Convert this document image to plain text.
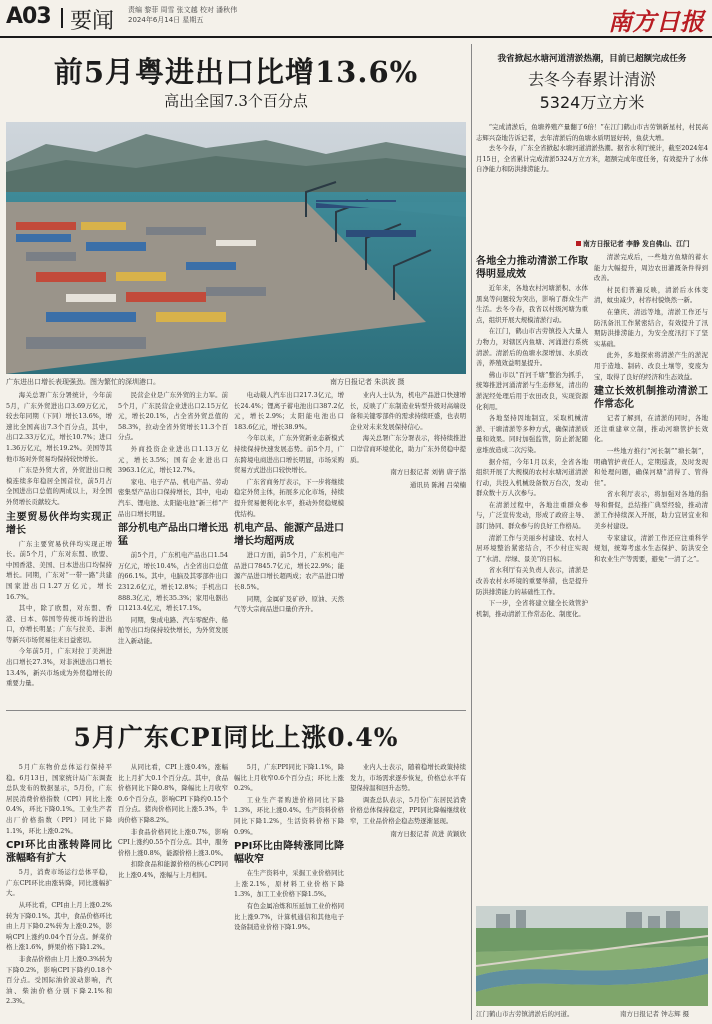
A03 要闻 责编 黎菲 周雪 张文越 校对 潘秋伟
2024年6月14日 星期五	南方日报
前5月粤进出口比增13.6%
高出全国7.3个百分点
广东进出口增长表现强劲。图为繁忙的深圳港口。	南方日报记者 朱洪波 摄

海关总署广东分署统计，今年前5月，广东外贸进出口3.69万亿元，较去年同期（下同）增长13.6%，增速比全国高出7.3个百分点，其中，出口2.33万亿元，增长10.7%；进口1.36万亿元，增长19.2%。美国等其他市场对外贸易均保持较快增长。

广东是外贸大省，外贸进出口规模连续多年稳居全国首位，前5月占全国进出口总值的两成以上，对全国外贸增长贡献较大。

主要贸易伙伴均实现正增长

广东主要贸易伙伴均实现正增长。前5个月，广东对东盟、欧盟、中国香港、美国、日本进出口均保持增长。同期，广东对“一带一路”共建国家进出口1.27万亿元，增长16.7%。

其中，除了欧盟，对东盟、香港、日本、韩国等传统市场的进出口，亦增长明显；广东与拉美、非洲等新兴市场贸易往来日益密切。

今年前5月，广东对拉丁美洲进出口增长27.3%，对非洲进出口增长13.4%，新兴市场成为外贸稳增长的重要力量。

民营企业是广东外贸的主力军。前5个月，广东民营企业进出口2.15万亿元，增长20.1%，占全省外贸总值的58.3%，拉动全省外贸增长11.3个百分点。

外商投资企业进出口1.13万亿元，增长3.5%；国有企业进出口3963.1亿元，增长12.7%。

家电、电子产品、机电产品、劳动密集型产品出口保持增长，其中，电动汽车、锂电池、太阳能电池“新三样”产品出口增长明显。

部分机电产品出口增长迅猛

前5个月，广东机电产品出口1.54万亿元，增长10.4%，占全省出口总值的66.1%。其中，电脑及其零部件出口2312.6亿元，增长12.8%；手机出口888.3亿元，增长35.3%；家用电器出口1213.4亿元，增长17.1%。

同期，集成电路、汽车零配件、船舶等出口均保持较快增长，为外贸发展注入新动能。

电动载人汽车出口217.3亿元，增长24.4%；锂离子蓄电池出口387.2亿元，增长2.9%；太阳能电池出口183.6亿元，增长38.9%。

今年以来，广东外贸新业态新模式持续保持快速发展态势。前5个月，广东跨境电商进出口增长明显，市场采购贸易方式进出口较快增长。

广东省商务厅表示，下一步将继续稳定外贸主体，拓展多元化市场，持续提升贸易便利化水平，推动外贸稳规模优结构。

机电产品、能源产品进口增长均超两成

进口方面，前5个月，广东机电产品进口7845.7亿元，增长22.9%；能源产品进口增长超两成；农产品进口增长8.5%。

同期，金属矿及矿砂、原油、天然气等大宗商品进口量价齐升。

业内人士认为，机电产品进口快速增长，反映了广东制造业转型升级对高端设备和关键零部件的需求持续旺盛，也表明企业对未来发展保持信心。

海关总署广东分署表示，将持续推进口岸营商环境优化，助力广东外贸稳中提质。

南方日报记者 刘倩 唐子湉
通讯员 陈湘 吕荣楠
5月广东CPI同比上涨0.4%

5月广东物价总体运行保持平稳。6月13日，国家统计局广东调查总队发布的数据显示，5月份，广东居民消费价格指数（CPI）同比上涨0.4%，环比下降0.1%。工业生产者出厂价格指数（PPI）同比下降1.1%，环比上涨0.2%。

CPI环比由涨转降同比涨幅略有扩大

5月，消费市场运行总体平稳，广东CPI环比由涨转降，同比涨幅扩大。

从环比看，CPI由上月上涨0.2%转为下降0.1%。其中，食品价格环比由上月下降0.2%转为上涨0.2%，影响CPI上涨约0.04个百分点。鲜菜价格上涨1.6%，鲜果价格下降1.2%。

非食品价格由上月上涨0.3%转为下降0.2%，影响CPI下降约0.18个百分点。受国际油价波动影响，汽油、柴油价格分别下降2.1%和2.3%。

从同比看，CPI上涨0.4%，涨幅比上月扩大0.1个百分点。其中，食品价格同比下降0.8%，降幅比上月收窄0.6个百分点，影响CPI下降约0.15个百分点。猪肉价格同比上涨5.3%，牛肉价格下降8.2%。

非食品价格同比上涨0.7%，影响CPI上涨约0.55个百分点。其中，服务价格上涨0.8%，能源价格上涨3.0%。

扣除食品和能源价格的核心CPI同比上涨0.4%，涨幅与上月相同。

5月，广东PPI同比下降1.1%，降幅比上月收窄0.6个百分点；环比上涨0.2%。

工业生产者购进价格同比下降1.3%，环比上涨0.4%。生产资料价格同比下降1.2%，生活资料价格下降0.9%。

PPI环比由降转涨同比降幅收窄

在生产资料中，采掘工业价格同比上涨2.1%，原材料工业价格下降1.3%，加工工业价格下降1.5%。

有色金属冶炼和压延加工业价格同比上涨9.7%，计算机通信和其他电子设备制造业价格下降1.9%。

业内人士表示，随着稳增长政策持续发力，市场需求逐步恢复，价格总水平有望保持温和回升态势。

调查总队表示，5月份广东居民消费价格总体保持稳定，PPI同比降幅继续收窄，工业品价格企稳态势逐渐显现。

南方日报记者 黄进 黄颖欣
我省掀起水塘河道清淤热潮，目前已超额完成任务
去冬今春累计清淤
5324万立方米

“完成清淤后，鱼塘养殖产量翻了6倍！”在江门鹤山市古劳镇新星村，村民高志辉兴奋地告诉记者，去年清淤后的鱼塘水质明显好转，鱼获大增。

去冬今春，广东全省掀起水塘河道清淤热潮。据省水利厅统计，截至2024年4月15日，全省累计完成清淤5324万立方米，超额完成年度任务，有效提升了水体自净能力和防洪排涝能力。

南方日报记者 李静 发自佛山、江门
各地全力推动清淤工作取得明显成效

近年来，各地农村河塘淤积、水体黑臭等问题较为突出，影响了群众生产生活。去冬今春，我省以村级河塘为重点，组织开展大规模清淤行动。

在江门，鹤山市古劳镇投入大量人力物力，对辖区内鱼塘、河涌进行系统清淤。清淤后的鱼塘水深增加、水质改善，养殖效益明显提升。

佛山市以“百河千塘”整治为抓手，统筹推进河涌清淤与生态修复，清出的淤泥经处理后用于农田改良，实现资源化利用。

各地坚持因地制宜，采取机械清淤、干塘清淤等多种方式，确保清淤质量和效果。同时加强监管，防止淤泥随意堆放造成二次污染。

据介绍，今年1月以来，全省各地组织开展了大规模的农村水塘河道清淤行动，共投入机械设备数万台次，发动群众数十万人次参与。

在清淤过程中，各地注重群众参与，广泛宣传发动，形成了政府主导、部门协同、群众参与的良好工作格局。

清淤工作与美丽乡村建设、农村人居环境整治紧密结合，不少村庄实现了“水清、岸绿、景美”的目标。

省水利厅有关负责人表示，清淤是改善农村水环境的重要举措，也是提升防洪排涝能力的基础性工作。

下一步，全省将建立健全长效管护机制，推动清淤工作常态化、制度化。

清淤完成后，一些地方鱼塘的蓄水能力大幅提升，周边农田灌溉条件得到改善。

村民们普遍反映，清淤后水体变清，蚊虫减少，村容村貌焕然一新。

在肇庆、清远等地，清淤工作还与防汛备汛工作紧密结合，有效提升了汛期防洪排涝能力，为安全度汛打下了坚实基础。

此外，多地探索将清淤产生的淤泥用于造地、制砖、改良土壤等，变废为宝，取得了良好的经济和生态效益。

建立长效机制推动清淤工作常态化

记者了解到，在清淤的同时，各地还注重建章立制，推动河塘管护长效化。

一些地方推行“河长制”“塘长制”，明确管护责任人，定期巡查，及时发现和处理问题，确保河塘“清得了、管得住”。

省水利厅表示，将加强对各地的指导和督促，总结推广典型经验，推动清淤工作持续深入开展，助力宜居宜业和美乡村建设。

专家建议，清淤工作还应注重科学规划，统筹考虑水生态保护、防洪安全和农业生产等需要，避免“一清了之”。

江门鹤山市古劳镇清淤后的河道。	南方日报记者 钟志辉 摄
